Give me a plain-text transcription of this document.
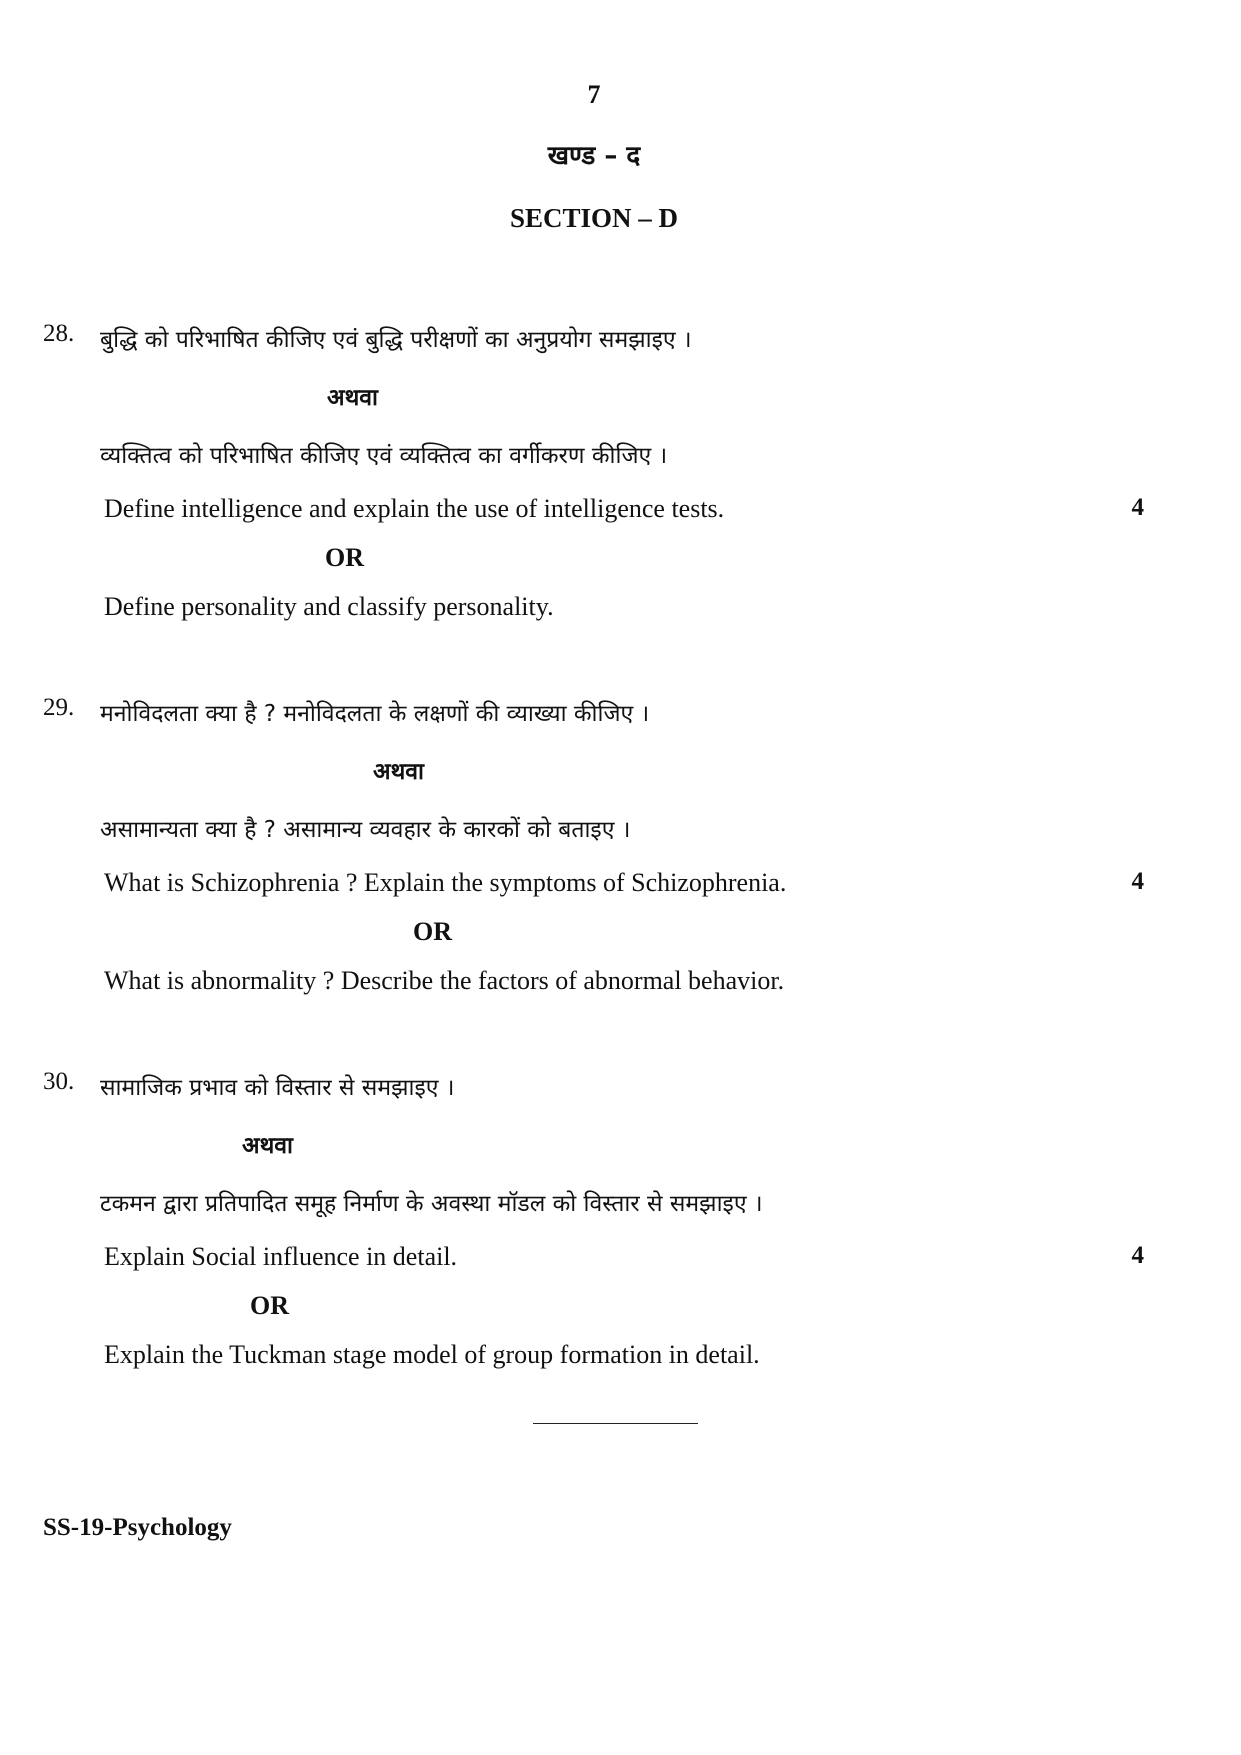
7
खण्ड – द
SECTION – D
28. बुद्धि को परिभाषित कीजिए एवं बुद्धि परीक्षणों का अनुप्रयोग समझाइए ।
अथवा
व्यक्तित्व को परिभाषित कीजिए एवं व्यक्तित्व का वर्गीकरण कीजिए ।
Define intelligence and explain the use of intelligence tests.	4
OR
Define personality and classify personality.
29. मनोविदलता क्या है ? मनोविदलता के लक्षणों की व्याख्या कीजिए ।
अथवा
असामान्यता क्या है ? असामान्य व्यवहार के कारकों को बताइए ।
What is Schizophrenia ? Explain the symptoms of Schizophrenia.	4
OR
What is abnormality ? Describe the factors of abnormal behavior.
30. सामाजिक प्रभाव को विस्तार से समझाइए ।
अथवा
टकमन द्वारा प्रतिपादित समूह निर्माण के अवस्था मॉडल को विस्तार से समझाइए ।
Explain Social influence in detail.	4
OR
Explain the Tuckman stage model of group formation in detail.
SS-19-Psychology
